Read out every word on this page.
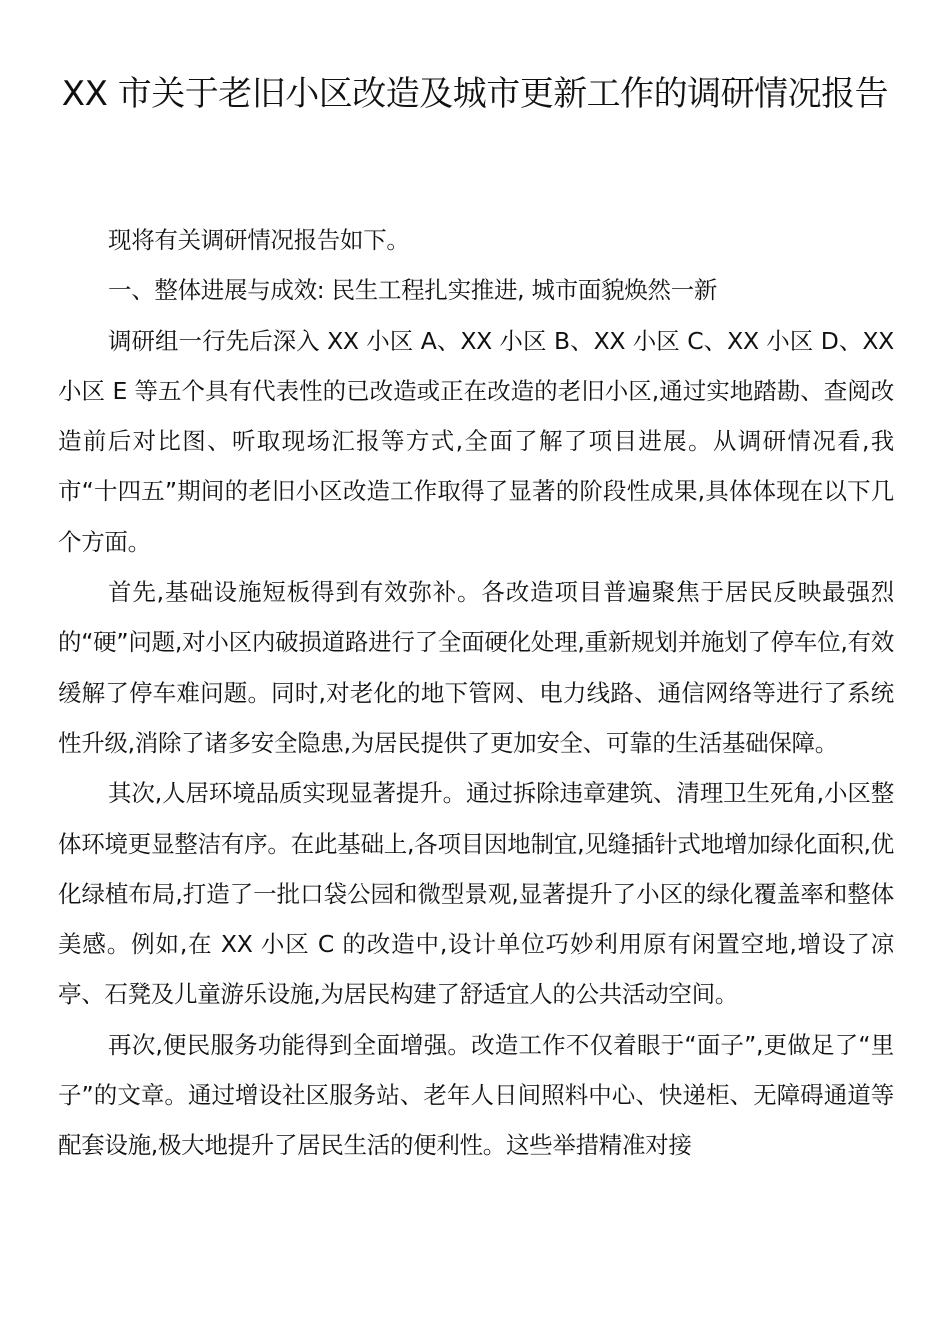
XX 市关于老旧小区改造及城市更新工作的调研情况报告

现将有关调研情况报告如下。

一、整体进展与成效: 民生工程扎实推进, 城市面貌焕然一新

调研组一行先后深入 XX 小区 A、XX 小区 B、XX 小区 C、XX 小区 D、XX 小区 E 等五个具有代表性的已改造或正在改造的老旧小区,通过实地踏勘、查阅改造前后对比图、听取现场汇报等方式,全面了解了项目进展。从调研情况看,我市“十四五”期间的老旧小区改造工作取得了显著的阶段性成果,具体体现在以下几个方面。

首先,基础设施短板得到有效弥补。各改造项目普遍聚焦于居民反映最强烈的“硬”问题,对小区内破损道路进行了全面硬化处理,重新规划并施划了停车位,有效缓解了停车难问题。同时,对老化的地下管网、电力线路、通信网络等进行了系统性升级,消除了诸多安全隐患,为居民提供了更加安全、可靠的生活基础保障。

其次,人居环境品质实现显著提升。通过拆除违章建筑、清理卫生死角,小区整体环境更显整洁有序。在此基础上,各项目因地制宜,见缝插针式地增加绿化面积,优化绿植布局,打造了一批口袋公园和微型景观,显著提升了小区的绿化覆盖率和整体美感。例如,在 XX 小区 C 的改造中,设计单位巧妙利用原有闲置空地,增设了凉亭、石凳及儿童游乐设施,为居民构建了舒适宜人的公共活动空间。

再次,便民服务功能得到全面增强。改造工作不仅着眼于“面子”,更做足了“里子”的文章。通过增设社区服务站、老年人日间照料中心、快递柜、无障碍通道等配套设施,极大地提升了居民生活的便利性。这些举措精准对接
